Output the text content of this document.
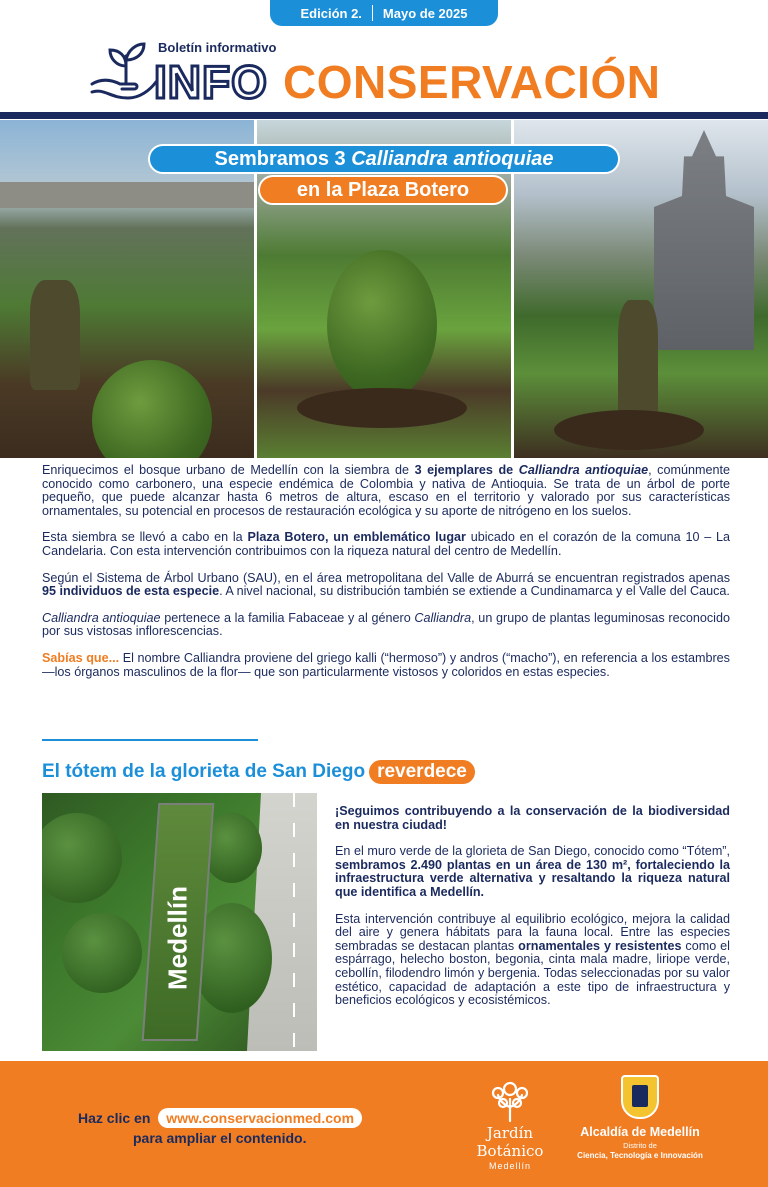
Edición 2. Mayo de 2025
Boletín informativo
INFO CONSERVACIÓN
Sembramos 3 Calliandra antioquiae
en la Plaza Botero

Enriquecimos el bosque urbano de Medellín con la siembra de 3 ejemplares de Calliandra antioquiae, comúnmente conocido como carbonero, una especie endémica de Colombia y nativa de Antioquia. Se trata de un árbol de porte pequeño, que puede alcanzar hasta 6 metros de altura, escaso en el territorio y valorado por sus características ornamentales, su potencial en procesos de restauración ecológica y su aporte de nitrógeno en los suelos.

Esta siembra se llevó a cabo en la Plaza Botero, un emblemático lugar ubicado en el corazón de la comuna 10 – La Candelaria. Con esta intervención contribuimos con la riqueza natural del centro de Medellín.

Según el Sistema de Árbol Urbano (SAU), en el área metropolitana del Valle de Aburrá se encuentran registrados apenas 95 individuos de esta especie. A nivel nacional, su distribución también se extiende a Cundinamarca y el Valle del Cauca.

Calliandra antioquiae pertenece a la familia Fabaceae y al género Calliandra, un grupo de plantas leguminosas reconocido por sus vistosas inflorescencias.

Sabías que... El nombre Calliandra proviene del griego kalli (“hermoso”) y andros (“macho”), en referencia a los estambres —los órganos masculinos de la flor— que son particularmente vistosos y coloridos en estas especies.

El tótem de la glorieta de San Diego reverdece
Medellín

¡Seguimos contribuyendo a la conservación de la biodiversidad en nuestra ciudad!

En el muro verde de la glorieta de San Diego, conocido como “Tótem”, sembramos 2.490 plantas en un área de 130 m², fortaleciendo la infraestructura verde alternativa y resaltando la riqueza natural que identifica a Medellín.

Esta intervención contribuye al equilibrio ecológico, mejora la calidad del aire y genera hábitats para la fauna local. Entre las especies sembradas se destacan plantas ornamentales y resistentes como el espárrago, helecho boston, begonia, cinta mala madre, liriope verde, cebollín, filodendro limón y bergenia. Todas seleccionadas por su valor estético, capacidad de adaptación a este tipo de infraestructura y beneficios ecológicos y ecosistémicos.

Haz clic en www.conservacionmed.com
para ampliar el contenido.	Jardín
Botánico
Medellín
Alcaldía de Medellín
Distrito de
Ciencia, Tecnología e Innovación
